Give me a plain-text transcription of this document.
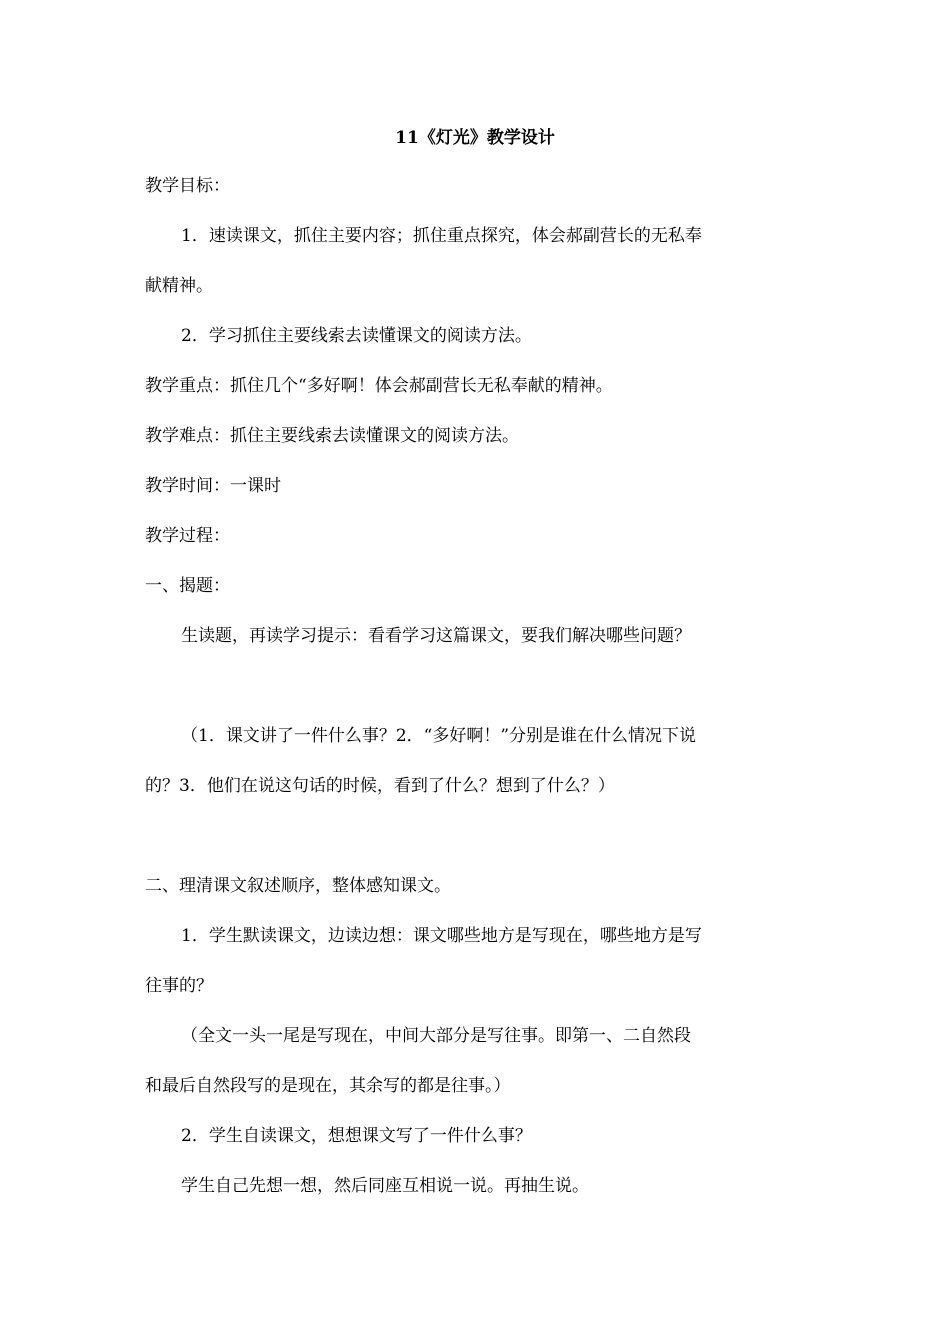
11《灯光》教学设计

教学目标：

1．速读课文，抓住主要内容；抓住重点探究，体会郝副营长的无私奉献精神。

2．学习抓住主要线索去读懂课文的阅读方法。

教学重点：抓住几个“多好啊！体会郝副营长无私奉献的精神。

教学难点：抓住主要线索去读懂课文的阅读方法。

教学时间：一课时

教学过程：

一、揭题：

生读题，再读学习提示：看看学习这篇课文，要我们解决哪些问题？

（1．课文讲了一件什么事？2．“多好啊！”分别是谁在什么情况下说的？3．他们在说这句话的时候，看到了什么？想到了什么？）

二、理清课文叙述顺序，整体感知课文。

1．学生默读课文，边读边想：课文哪些地方是写现在，哪些地方是写往事的？

（全文一头一尾是写现在，中间大部分是写往事。即第一、二自然段和最后自然段写的是现在，其余写的都是往事。）

2．学生自读课文，想想课文写了一件什么事？

学生自己先想一想，然后同座互相说一说。再抽生说。
